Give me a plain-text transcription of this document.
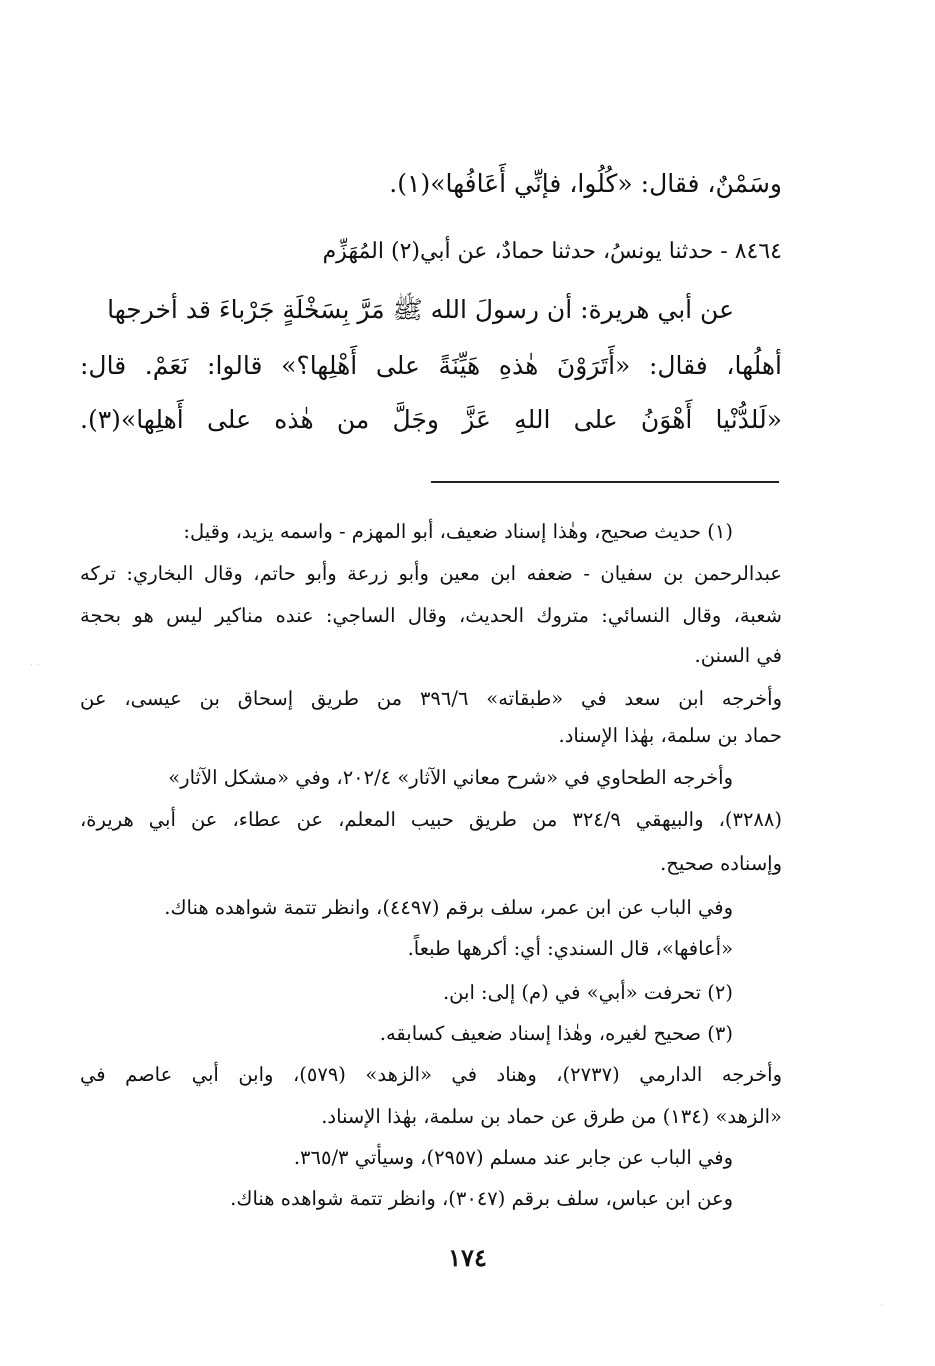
وسَمْنٌ، فقال: «كُلُوا، فإنِّي أَعَافُها»(١).
٨٤٦٤ - حدثنا يونسُ، حدثنا حمادٌ، عن أبي(٢) المُهَزِّم
عن أبي هريرة: أن رسولَ الله ﷺ مَرَّ بِسَخْلَةٍ جَرْباءَ قد أخرجها
أهلُها، فقال: «أَتَرَوْنَ هٰذهِ هَيِّنَةً على أَهْلِها؟» قالوا: نَعَمْ. قال:
«لَلدُّنْيا أَهْوَنُ على اللهِ عَزَّ وجَلَّ من هٰذه على أَهلِها»(٣).
(١) حديث صحيح، وهٰذا إسناد ضعيف، أبو المهزم - واسمه يزيد، وقيل:
عبدالرحمن بن سفيان - ضعفه ابن معين وأبو زرعة وأبو حاتم، وقال البخاري: تركه
شعبة، وقال النسائي: متروك الحديث، وقال الساجي: عنده مناكير ليس هو بحجة
في السنن.
وأخرجه ابن سعد في «طبقاته» ٣٩٦/٦ من طريق إسحاق بن عيسى، عن
حماد بن سلمة، بهٰذا الإسناد.
وأخرجه الطحاوي في «شرح معاني الآثار» ٢٠٢/٤، وفي «مشكل الآثار»
(٣٢٨٨)، والبيهقي ٣٢٤/٩ من طريق حبيب المعلم، عن عطاء، عن أبي هريرة،
وإسناده صحيح.
وفي الباب عن ابن عمر، سلف برقم (٤٤٩٧)، وانظر تتمة شواهده هناك.
«أعافها»، قال السندي: أي: أكرهها طبعاً.
(٢) تحرفت «أبي» في (م) إلى: ابن.
(٣) صحيح لغيره، وهٰذا إسناد ضعيف كسابقه.
وأخرجه الدارمي (٢٧٣٧)، وهناد في «الزهد» (٥٧٩)، وابن أبي عاصم في
«الزهد» (١٣٤) من طرق عن حماد بن سلمة، بهٰذا الإسناد.
وفي الباب عن جابر عند مسلم (٢٩٥٧)، وسيأتي ٣٦٥/٣.
وعن ابن عباس، سلف برقم (٣٠٤٧)، وانظر تتمة شواهده هناك.
١٧٤
· ·
·
